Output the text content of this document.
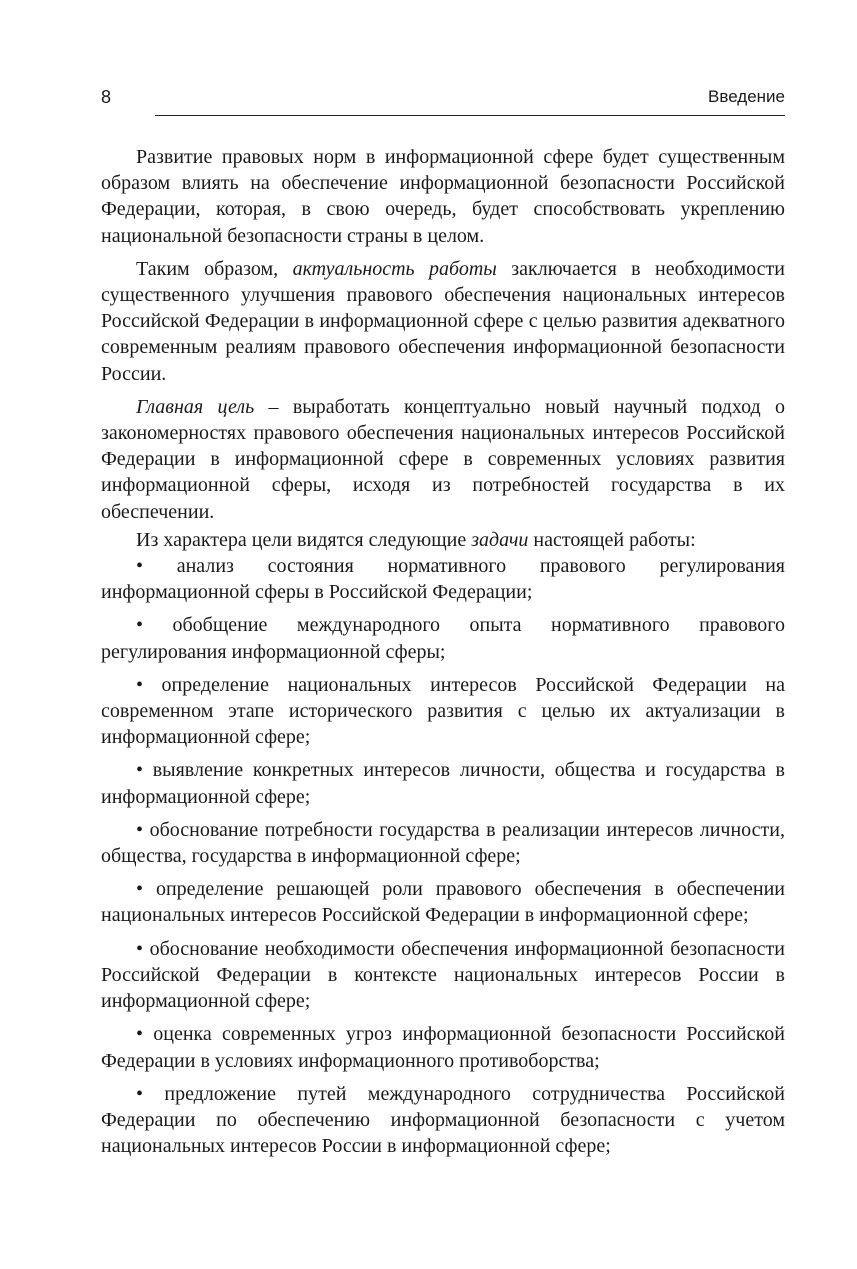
8	Введение

Развитие правовых норм в информационной сфере будет существенным образом влиять на обеспечение информационной безопасности Российской Федерации, которая, в свою очередь, будет способствовать укреплению национальной безопасности страны в целом.

Таким образом, актуальность работы заключается в необходимости существенного улучшения правового обеспечения национальных интересов Российской Федерации в информационной сфере с целью развития адекватного современным реалиям правового обеспечения информационной безопасности России.

Главная цель – выработать концептуально новый научный подход о закономерностях правового обеспечения национальных интересов Российской Федерации в информационной сфере в современных условиях развития информационной сферы, исходя из потребностей государства в их обеспечении.

Из характера цели видятся следующие задачи настоящей работы:

• анализ состояния нормативного правового регулирования информационной сферы в Российской Федерации;

• обобщение международного опыта нормативного правового регулирования информационной сферы;

• определение национальных интересов Российской Федерации на современном этапе исторического развития с целью их актуализации в информационной сфере;

• выявление конкретных интересов личности, общества и государства в информационной сфере;

• обоснование потребности государства в реализации интересов личности, общества, государства в информационной сфере;

• определение решающей роли правового обеспечения в обеспечении национальных интересов Российской Федерации в информационной сфере;

• обоснование необходимости обеспечения информационной безопасности Российской Федерации в контексте национальных интересов России в информационной сфере;

• оценка современных угроз информационной безопасности Российской Федерации в условиях информационного противоборства;

• предложение путей международного сотрудничества Российской Федерации по обеспечению информационной безопасности с учетом национальных интересов России в информационной сфере;
